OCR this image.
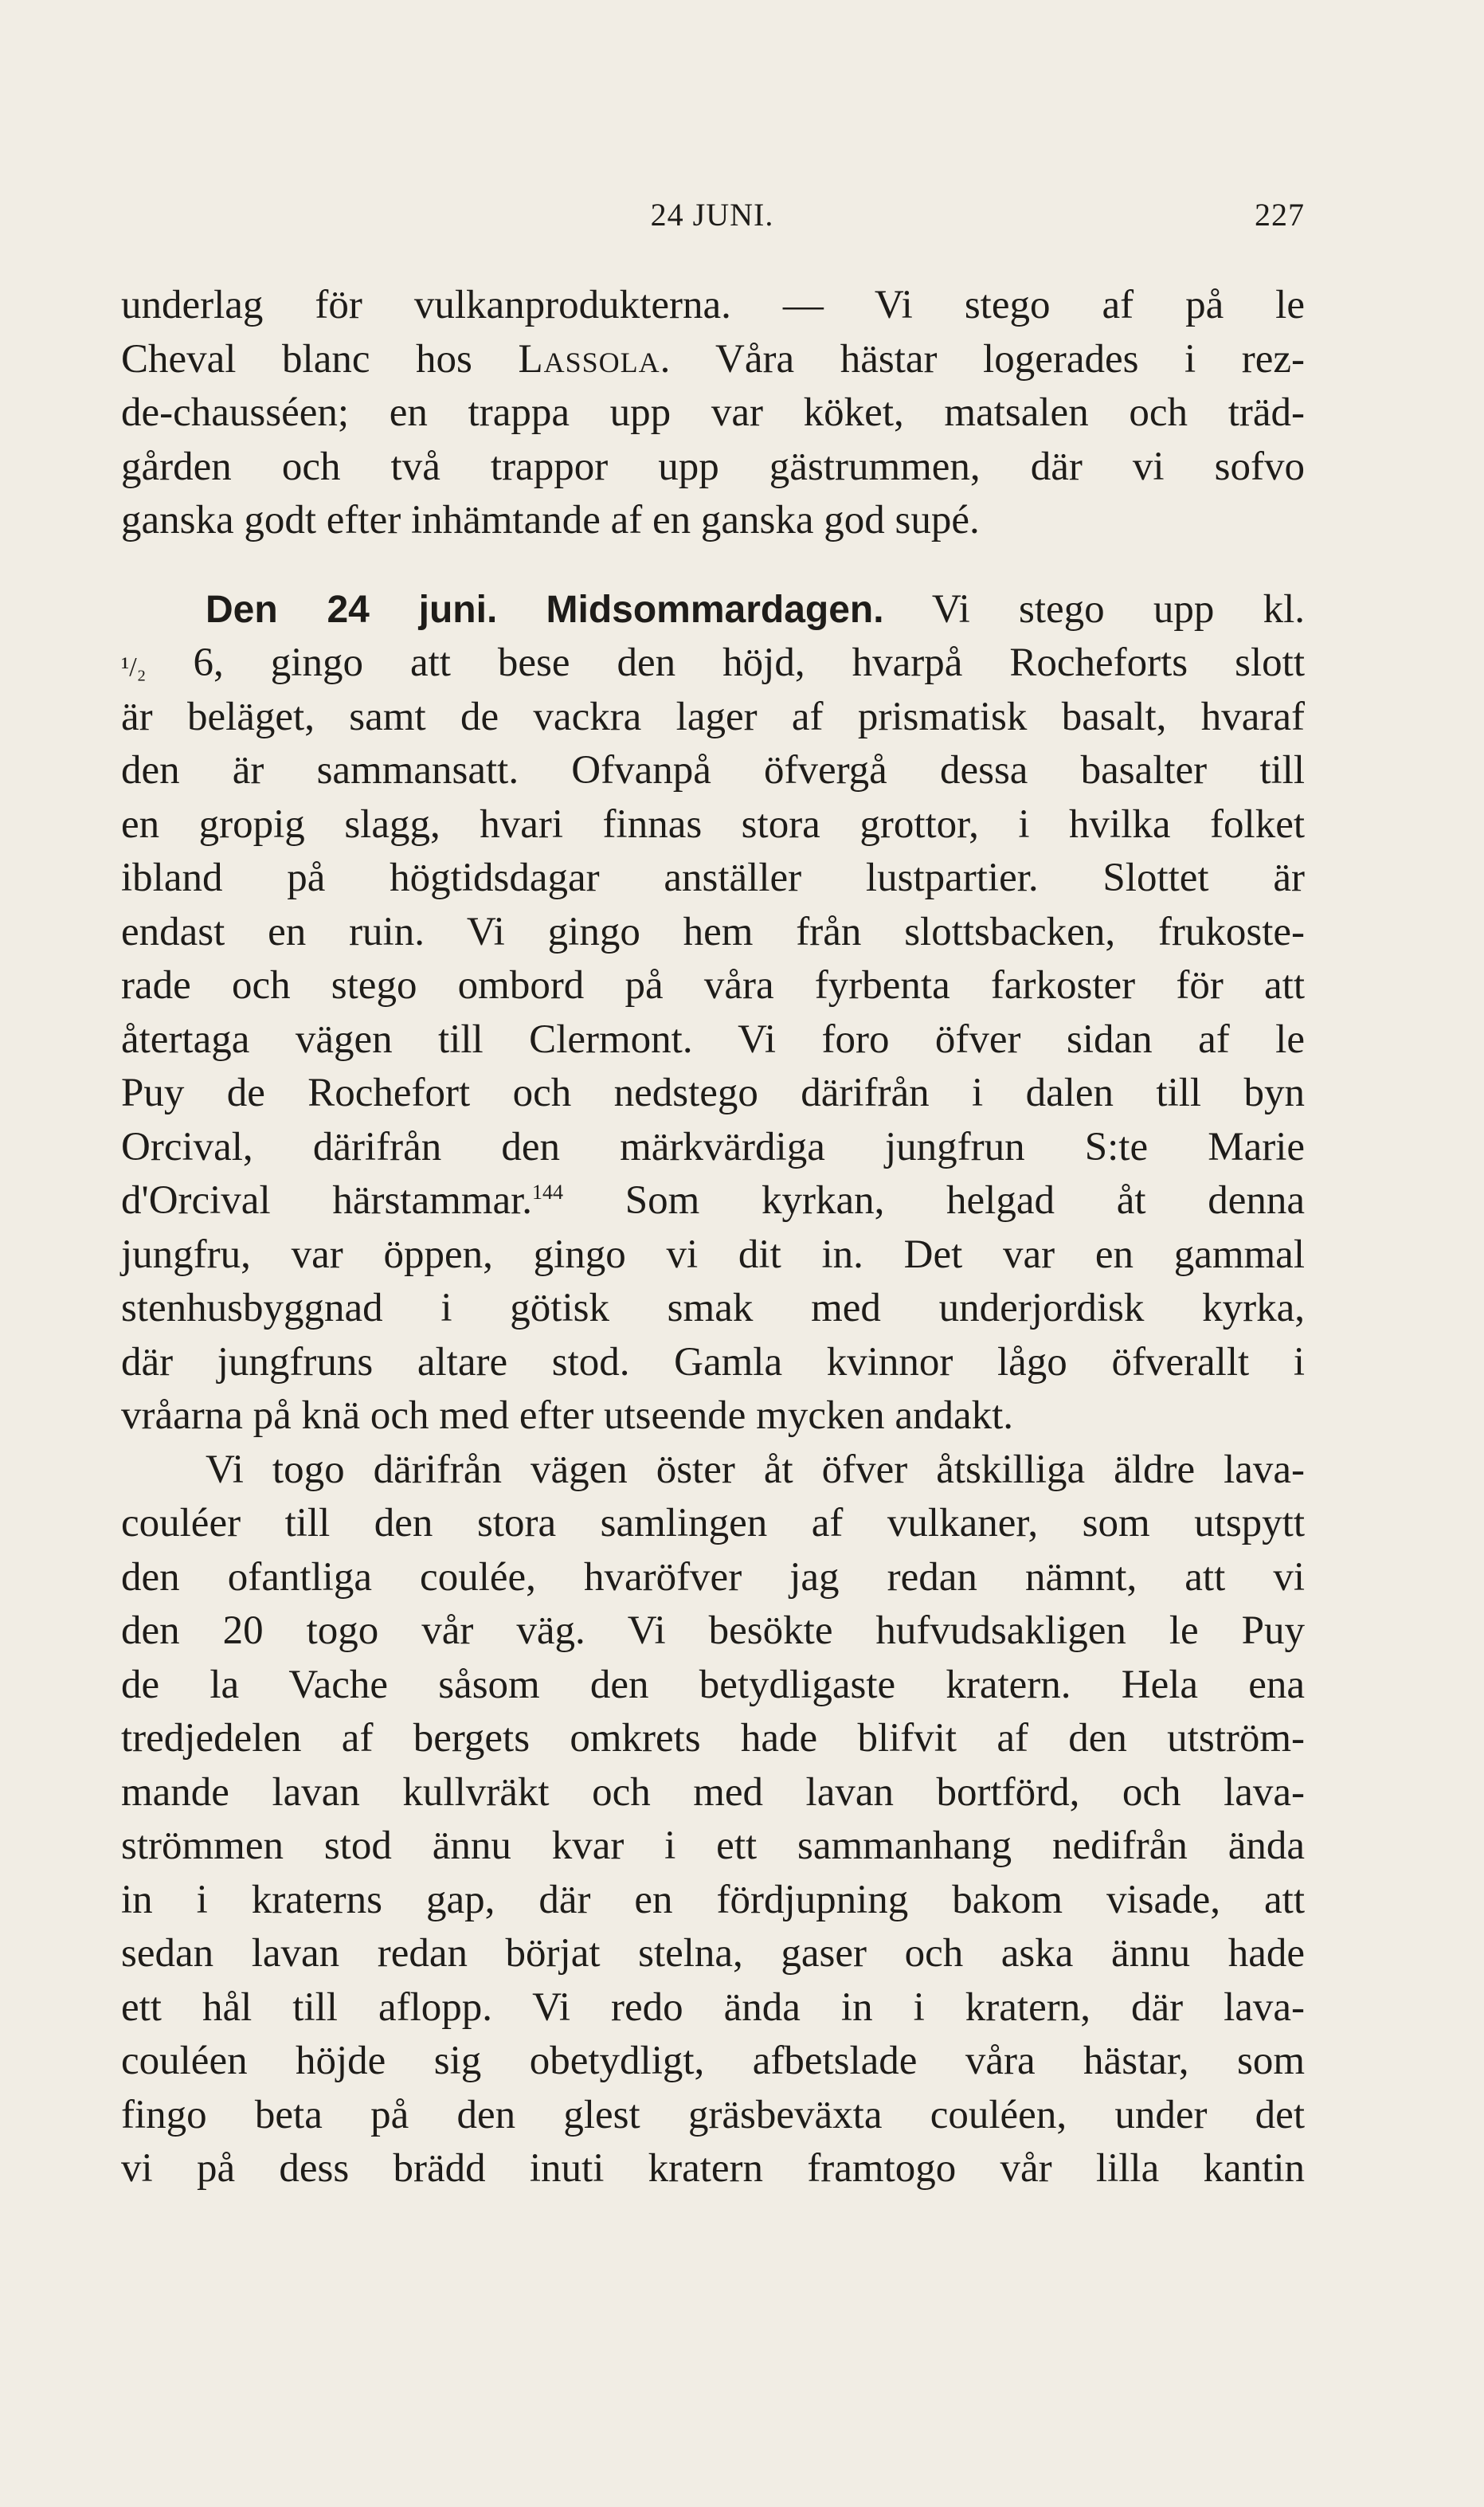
24 JUNI.	227
underlag för vulkanprodukterna. — Vi stego af på le
Cheval blanc hos Lassola. Våra hästar logerades i rez-
de-chausséen; en trappa upp var köket, matsalen och träd-
gården och två trappor upp gästrummen, där vi sofvo
ganska godt efter inhämtande af en ganska god supé.
Den 24 juni. Midsommardagen. Vi stego upp kl.
¹/₂ 6, gingo att bese den höjd, hvarpå Rocheforts slott
är beläget, samt de vackra lager af prismatisk basalt, hvaraf
den är sammansatt. Ofvanpå öfvergå dessa basalter till
en gropig slagg, hvari finnas stora grottor, i hvilka folket
ibland på högtidsdagar anställer lustpartier. Slottet är
endast en ruin. Vi gingo hem från slottsbacken, frukoste-
rade och stego ombord på våra fyrbenta farkoster för att
återtaga vägen till Clermont. Vi foro öfver sidan af le
Puy de Rochefort och nedstego därifrån i dalen till byn
Orcival, därifrån den märkvärdiga jungfrun S:te Marie
d'Orcival härstammar.$^{144}$ Som kyrkan, helgad åt denna
jungfru, var öppen, gingo vi dit in. Det var en gammal
stenhusbyggnad i götisk smak med underjordisk kyrka,
där jungfruns altare stod. Gamla kvinnor lågo öfverallt i
vråarna på knä och med efter utseende mycken andakt.
Vi togo därifrån vägen öster åt öfver åtskilliga äldre lava-
couléer till den stora samlingen af vulkaner, som utspytt
den ofantliga coulée, hvaröfver jag redan nämnt, att vi
den 20 togo vår väg. Vi besökte hufvudsakligen le Puy
de la Vache såsom den betydligaste kratern. Hela ena
tredjedelen af bergets omkrets hade blifvit af den utström-
mande lavan kullvräkt och med lavan bortförd, och lava-
strömmen stod ännu kvar i ett sammanhang nedifrån ända
in i kraterns gap, där en fördjupning bakom visade, att
sedan lavan redan börjat stelna, gaser och aska ännu hade
ett hål till aflopp. Vi redo ända in i kratern, där lava-
couléen höjde sig obetydligt, afbetslade våra hästar, som
fingo beta på den glest gräsbeväxta couléen, under det
vi på dess brädd inuti kratern framtogo vår lilla kantin
